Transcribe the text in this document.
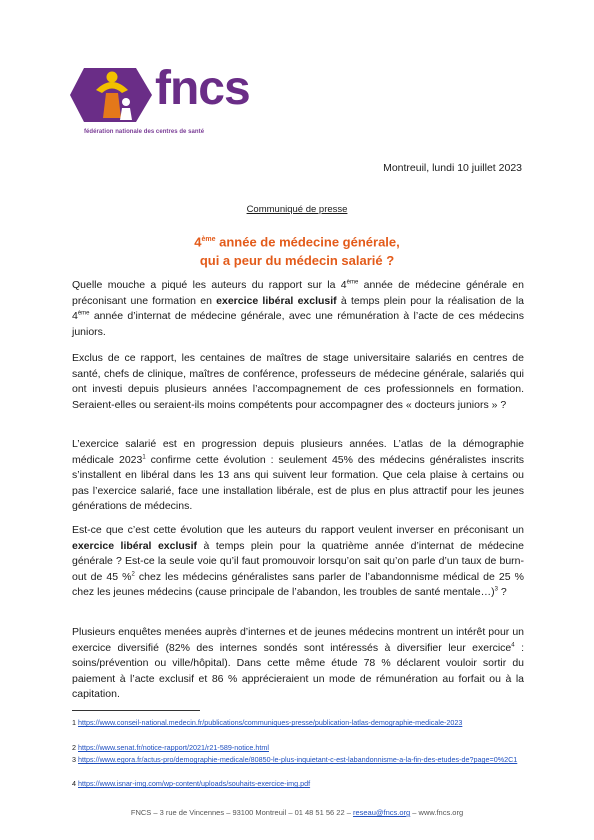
fncs
fédération nationale des centres de santé
Montreuil, lundi 10 juillet 2023
Communiqué de presse
4ème année de médecine générale,
qui a peur du médecin salarié ?
Quelle mouche a piqué les auteurs du rapport sur la 4ème année de médecine générale en préconisant une formation en exercice libéral exclusif à temps plein pour la réalisation de la 4ème année d’internat de médecine générale, avec une rémunération à l’acte de ces médecins juniors.
Exclus de ce rapport, les centaines de maîtres de stage universitaire salariés en centres de santé, chefs de clinique, maîtres de conférence, professeurs de médecine générale, salariés qui ont investi depuis plusieurs années l’accompagnement de ces professionnels en formation. Seraient-elles ou seraient-ils moins compétents pour accompagner des « docteurs juniors » ?
L’exercice salarié est en progression depuis plusieurs années. L’atlas de la démographie médicale 2023$^1$ confirme cette évolution : seulement 45% des médecins généralistes inscrits s’installent en libéral dans les 13 ans qui suivent leur formation. Que cela plaise à certains ou pas l’exercice salarié, face une installation libérale, est de plus en plus attractif pour les jeunes générations de médecins.
Est-ce que c’est cette évolution que les auteurs du rapport veulent inverser en préconisant un exercice libéral exclusif à temps plein pour la quatrième année d’internat de médecine générale ? Est-ce la seule voie qu’il faut promouvoir lorsqu’on sait qu’on parle d’un taux de burn-out de 45 %$^2$ chez les médecins généralistes sans parler de l’abandonnisme médical de 25 % chez les jeunes médecins (cause principale de l’abandon, les troubles de santé mentale…)$^3$ ?
Plusieurs enquêtes menées auprès d’internes et de jeunes médecins montrent un intérêt pour un exercice diversifié (82% des internes sondés sont intéressés à diversifier leur exercice$^4$ : soins/prévention ou ville/hôpital). Dans cette même étude 78 % déclarent vouloir sortir du paiement à l’acte exclusif et 86 % apprécieraient un mode de rémunération au forfait ou à la capitation.
1 https://www.conseil-national.medecin.fr/publications/communiques-presse/publication-latlas-demographie-medicale-2023
2 https://www.senat.fr/notice-rapport/2021/r21-589-notice.html
3 https://www.egora.fr/actus-pro/demographie-medicale/80850-le-plus-inquietant-c-est-labandonnisme-a-la-fin-des-etudes-de?page=0%2C1
4 https://www.isnar-img.com/wp-content/uploads/souhaits-exercice-img.pdf
FNCS – 3 rue de Vincennes – 93100 Montreuil – 01 48 51 56 22 – reseau@fncs.org – www.fncs.org
